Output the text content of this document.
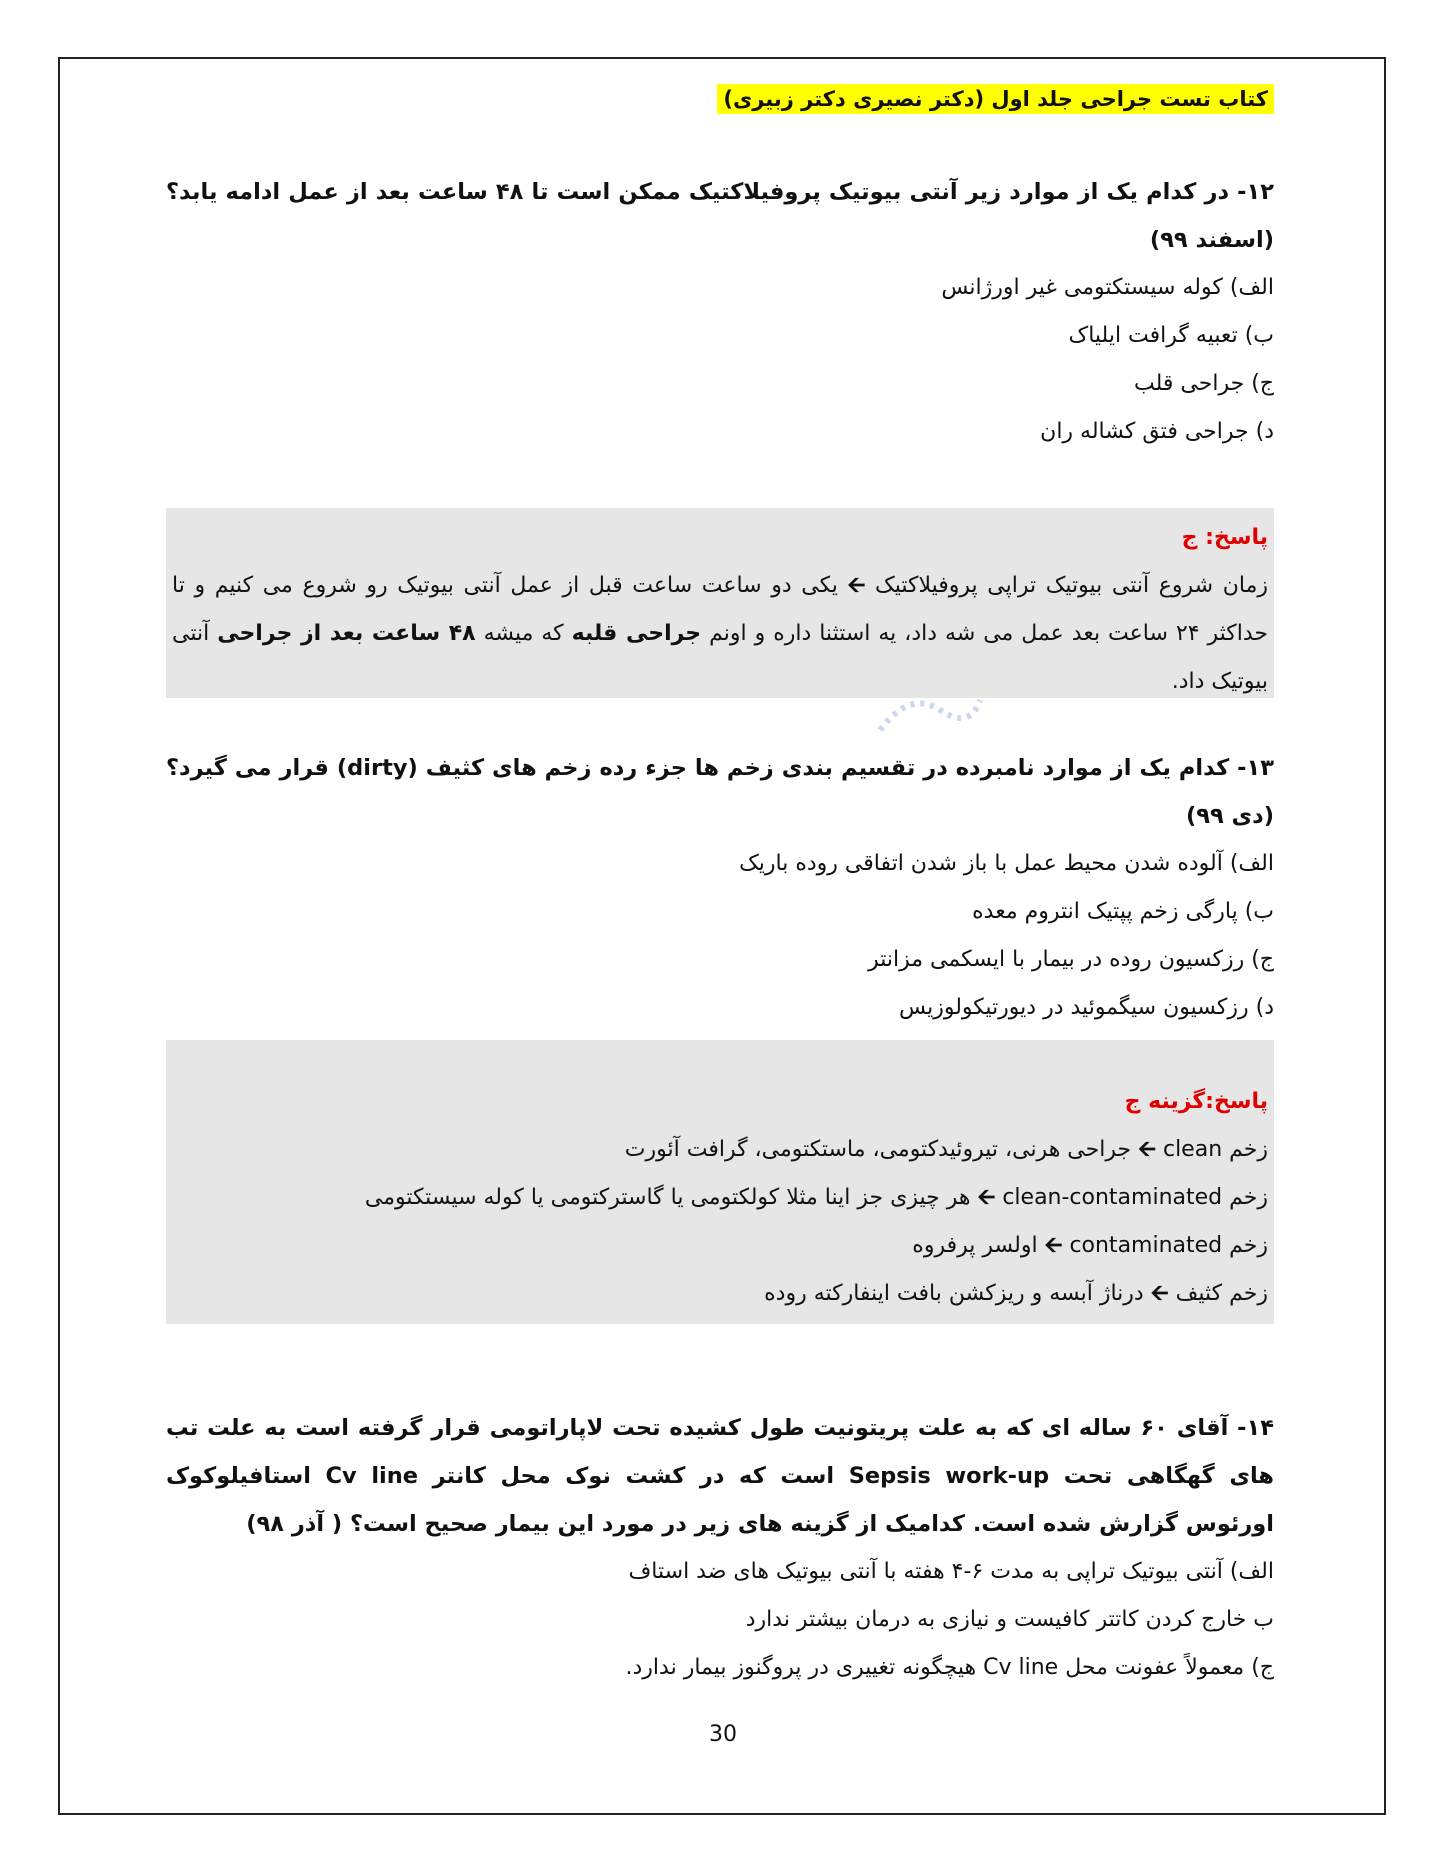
کتاب تست جراحی جلد اول (دکتر نصیری دکتر زبیری)
۱۲- در کدام یک از موارد زیر آنتی بیوتیک پروفیلاکتیک ممکن است تا ۴۸ ساعت بعد از عمل ادامه یابد؟ (اسفند ۹۹)
الف) کوله سیستکتومی غیر اورژانس
ب) تعبیه گرافت ایلیاک
ج) جراحی قلب
د) جراحی فتق کشاله ران
پاسخ: ج
زمان شروع آنتی بیوتیک تراپی پروفیلاکتیک 🡨 یکی دو ساعت ساعت قبل از عمل آنتی بیوتیک رو شروع می کنیم و تا حداکثر ۲۴ ساعت بعد عمل می شه داد، یه استثنا داره و اونم جراحی قلبه که میشه ۴۸ ساعت بعد از جراحی آنتی بیوتیک داد.
۱۳- کدام یک از موارد نامبرده در تقسیم بندی زخم ها جزء رده زخم های کثیف (dirty) قرار می گیرد؟ (دی ۹۹)
الف) آلوده شدن محیط عمل با باز شدن اتفاقی روده باریک
ب) پارگی زخم پپتیک انتروم معده
ج) رزکسیون روده در بیمار با ایسکمی مزانتر
د) رزکسیون سیگموئید در دیورتیکولوزیس
پاسخ:گزینه ج
زخم clean 🡨 جراحی هرنی، تیروئیدکتومی، ماستکتومی، گرافت آئورت
زخم clean-contaminated 🡨 هر چیزی جز اینا مثلا کولکتومی یا گاسترکتومی یا کوله سیستکتومی
زخم contaminated 🡨 اولسر پرفروه
زخم کثیف 🡨 درناژ آبسه و ریزکشن بافت اینفارکته روده
۱۴- آقای ۶۰ ساله ای که به علت پریتونیت طول کشیده تحت لاپاراتومی قرار گرفته است به علت تب های گهگاهی تحت Sepsis work-up است که در کشت نوک محل کانتر Cv line استافیلوکوک اورئوس گزارش شده است. کدامیک از گزینه های زیر در مورد این بیمار صحیح است؟ ( آذر ۹۸)
الف) آنتی بیوتیک تراپی به مدت ۶-۴ هفته با آنتی بیوتیک های ضد استاف
ب خارج کردن کاتتر کافیست و نیازی به درمان بیشتر ندارد
ج) معمولاً عفونت محل Cv line هیچگونه تغییری در پروگنوز بیمار ندارد.
30
